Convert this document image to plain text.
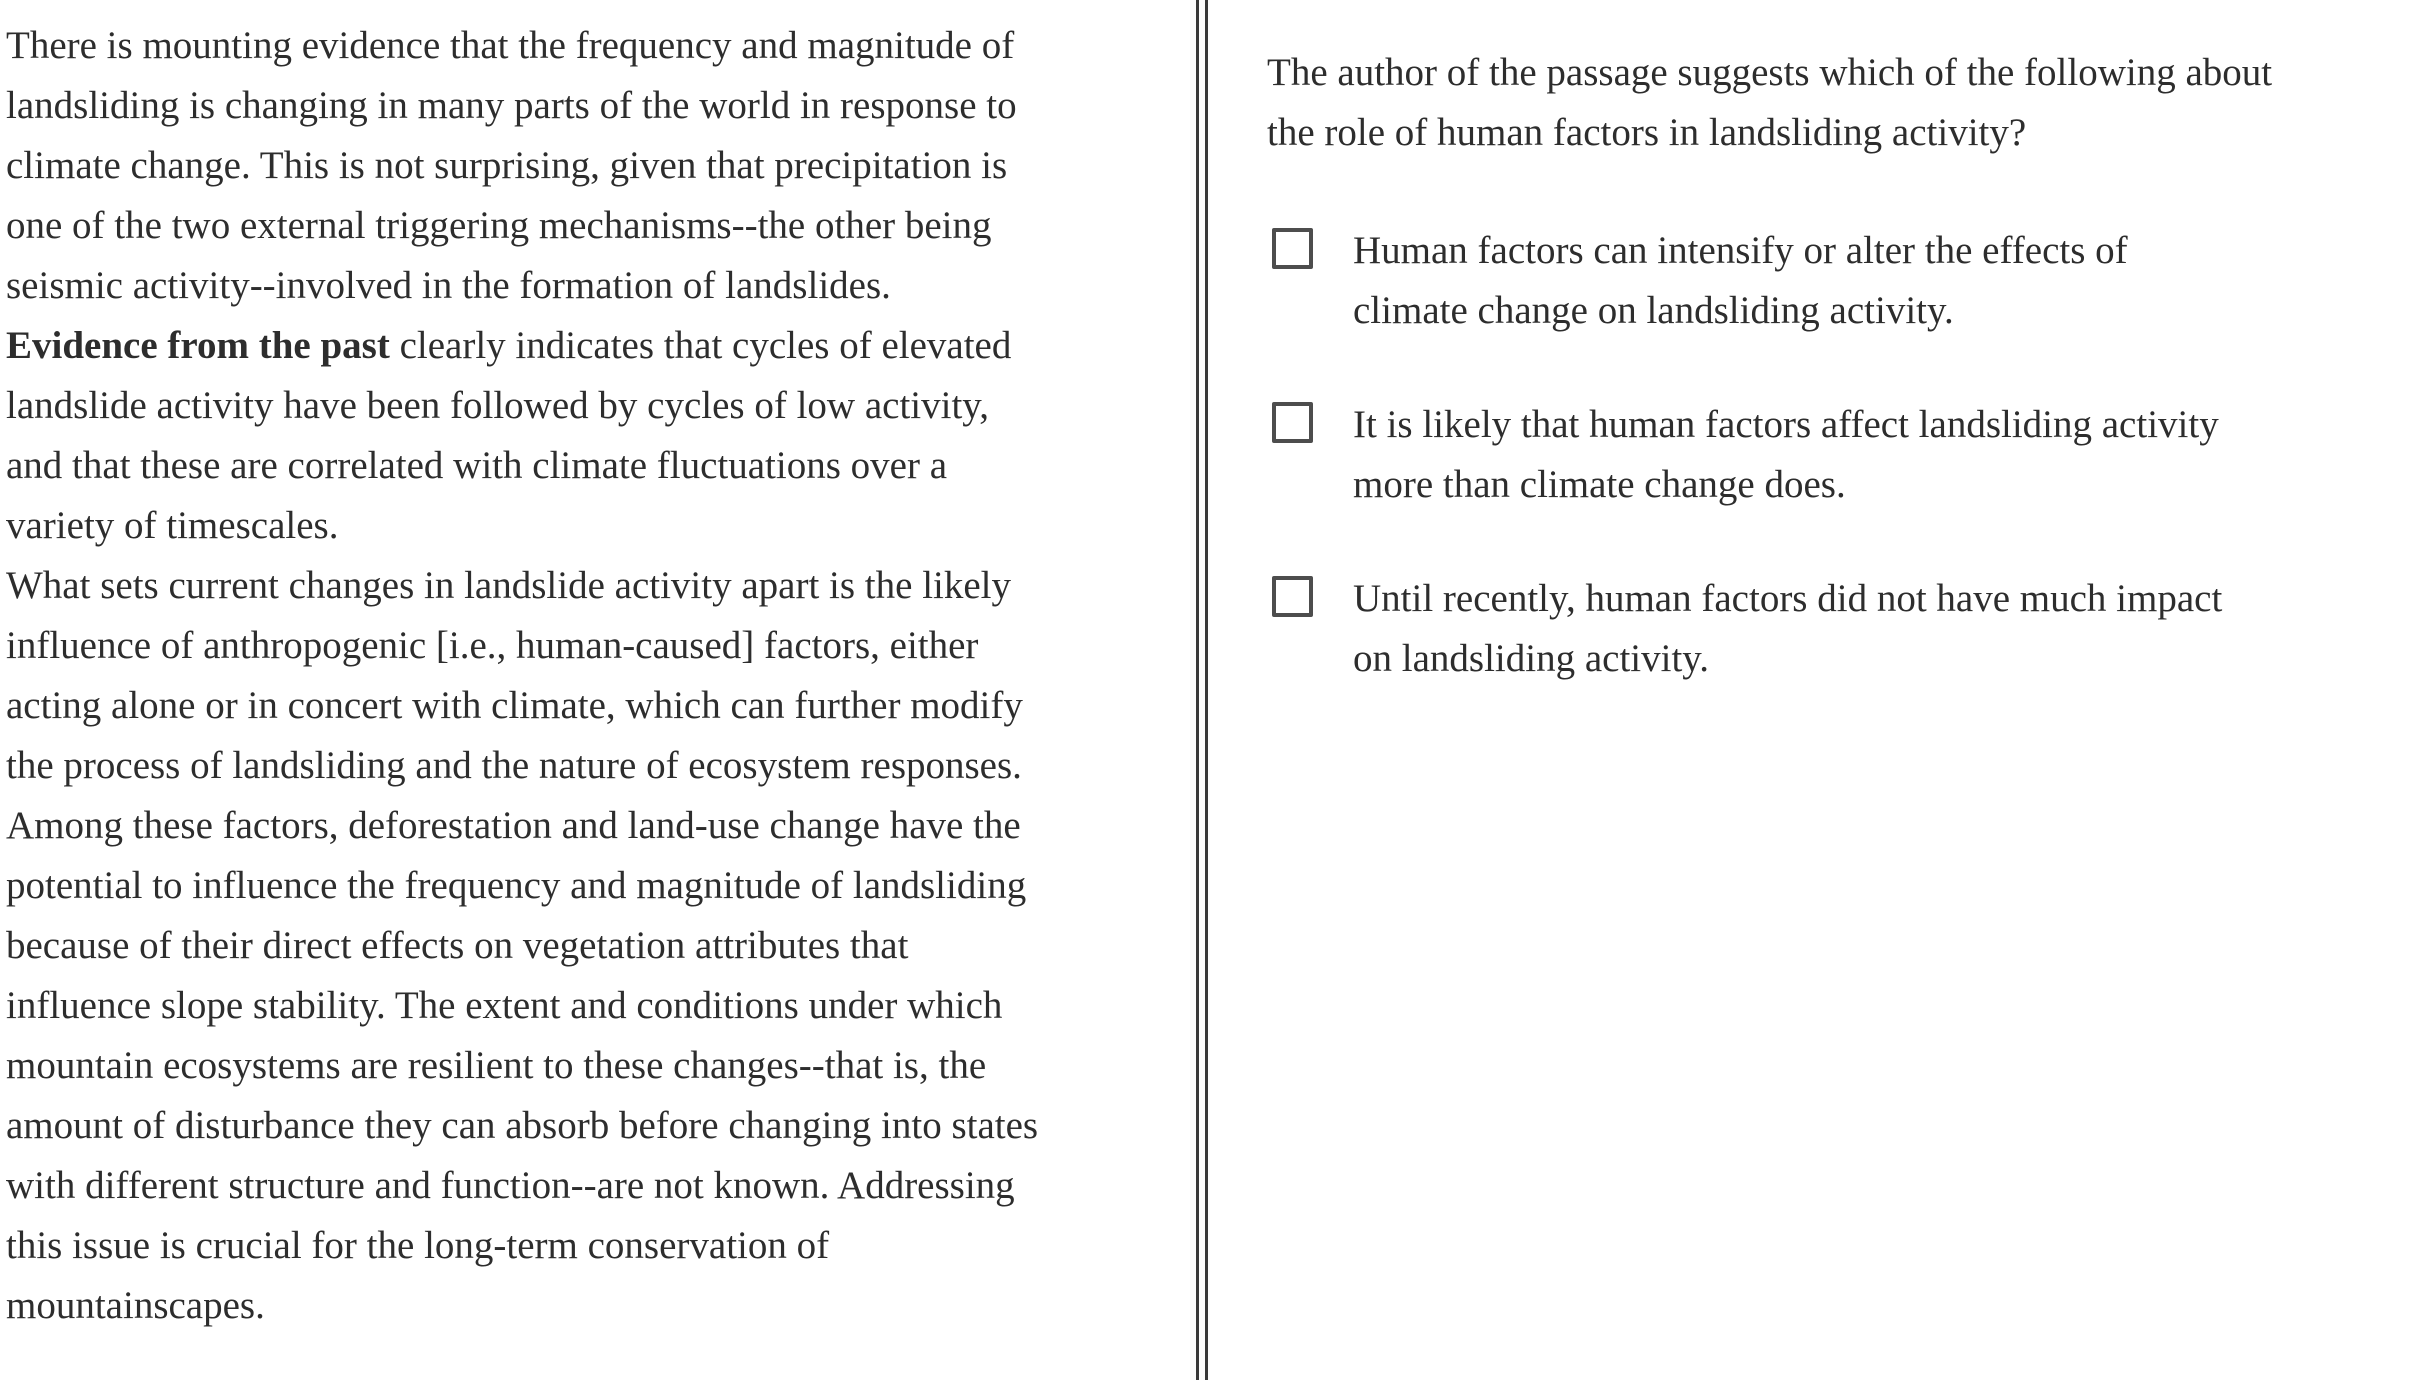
There is mounting evidence that the frequency and magnitude of
landsliding is changing in many parts of the world in response to
climate change. This is not surprising, given that precipitation is
one of the two external triggering mechanisms--the other being
seismic activity--involved in the formation of landslides.
Evidence from the past clearly indicates that cycles of elevated
landslide activity have been followed by cycles of low activity,
and that these are correlated with climate fluctuations over a
variety of timescales.
What sets current changes in landslide activity apart is the likely
influence of anthropogenic [i.e., human-caused] factors, either
acting alone or in concert with climate, which can further modify
the process of landsliding and the nature of ecosystem responses.
Among these factors, deforestation and land-use change have the
potential to influence the frequency and magnitude of landsliding
because of their direct effects on vegetation attributes that
influence slope stability. The extent and conditions under which
mountain ecosystems are resilient to these changes--that is, the
amount of disturbance they can absorb before changing into states
with different structure and function--are not known. Addressing
this issue is crucial for the long-term conservation of
mountainscapes.
The author of the passage suggests which of the following about
the role of human factors in landsliding activity?
Human factors can intensify or alter the effects of
climate change on landsliding activity.
It is likely that human factors affect landsliding activity
more than climate change does.
Until recently, human factors did not have much impact
on landsliding activity.
